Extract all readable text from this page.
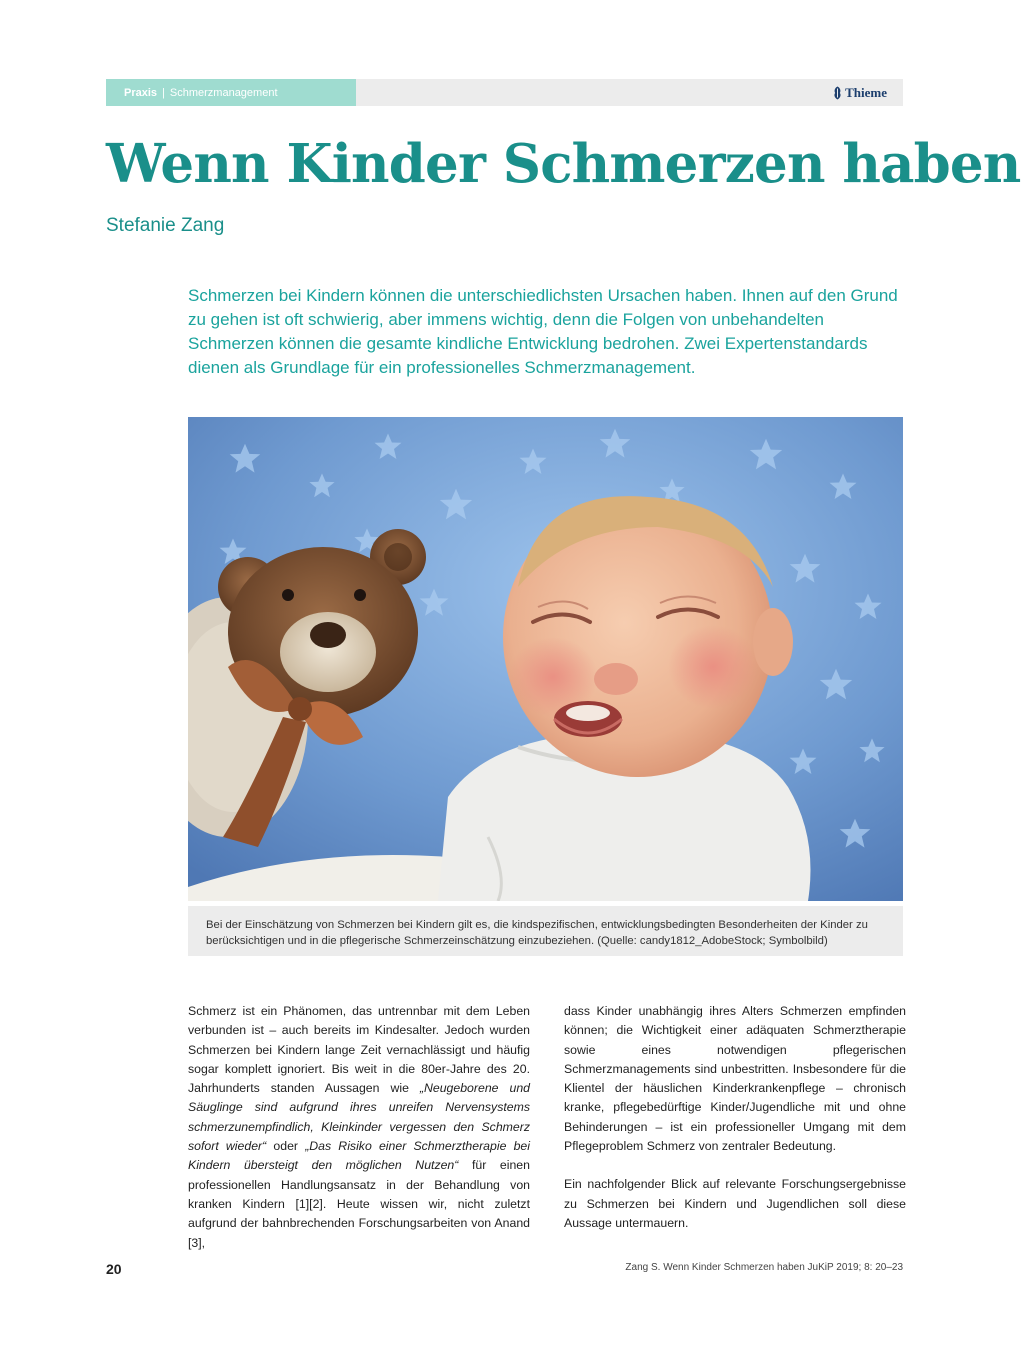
Praxis | Schmerzmanagement	Thieme
Wenn Kinder Schmerzen haben
Stefanie Zang

Schmerzen bei Kindern können die unterschiedlichsten Ursachen haben. Ihnen auf den Grund zu gehen ist oft schwierig, aber immens wichtig, denn die Folgen von unbehandelten Schmerzen können die gesamte kindliche Entwicklung bedrohen. Zwei Expertenstandards dienen als Grundlage für ein professionelles Schmerzmanagement.

Bei der Einschätzung von Schmerzen bei Kindern gilt es, die kindspezifischen, entwicklungsbedingten Besonderheiten der Kinder zu berücksichtigen und in die pflegerische Schmerzeinschätzung einzubeziehen. (Quelle: candy1812_AdobeStock; Symbolbild)

Schmerz ist ein Phänomen, das untrennbar mit dem Leben verbunden ist – auch bereits im Kindesalter. Jedoch wurden Schmerzen bei Kindern lange Zeit vernachlässigt und häufig sogar komplett ignoriert. Bis weit in die 80er-Jahre des 20. Jahrhunderts standen Aussagen wie „Neugeborene und Säuglinge sind aufgrund ihres unreifen Nervensystems schmerzunempfindlich, Kleinkinder vergessen den Schmerz sofort wieder“ oder „Das Risiko einer Schmerztherapie bei Kindern übersteigt den möglichen Nutzen“ für einen professionellen Handlungsansatz in der Behandlung von kranken Kindern [1][2]. Heute wissen wir, nicht zuletzt aufgrund der bahnbrechenden Forschungsarbeiten von Anand [3],

dass Kinder unabhängig ihres Alters Schmerzen empfinden können; die Wichtigkeit einer adäquaten Schmerztherapie sowie eines notwendigen pflegerischen Schmerzmanagements sind unbestritten. Insbesondere für die Klientel der häuslichen Kinderkrankenpflege – chronisch kranke, pflegebedürftige Kinder/Jugendliche mit und ohne Behinderungen – ist ein professioneller Umgang mit dem Pflegeproblem Schmerz von zentraler Bedeutung.

Ein nachfolgender Blick auf relevante Forschungsergebnisse zu Schmerzen bei Kindern und Jugendlichen soll diese Aussage untermauern.

20	Zang S. Wenn Kinder Schmerzen haben JuKiP 2019; 8: 20–23
